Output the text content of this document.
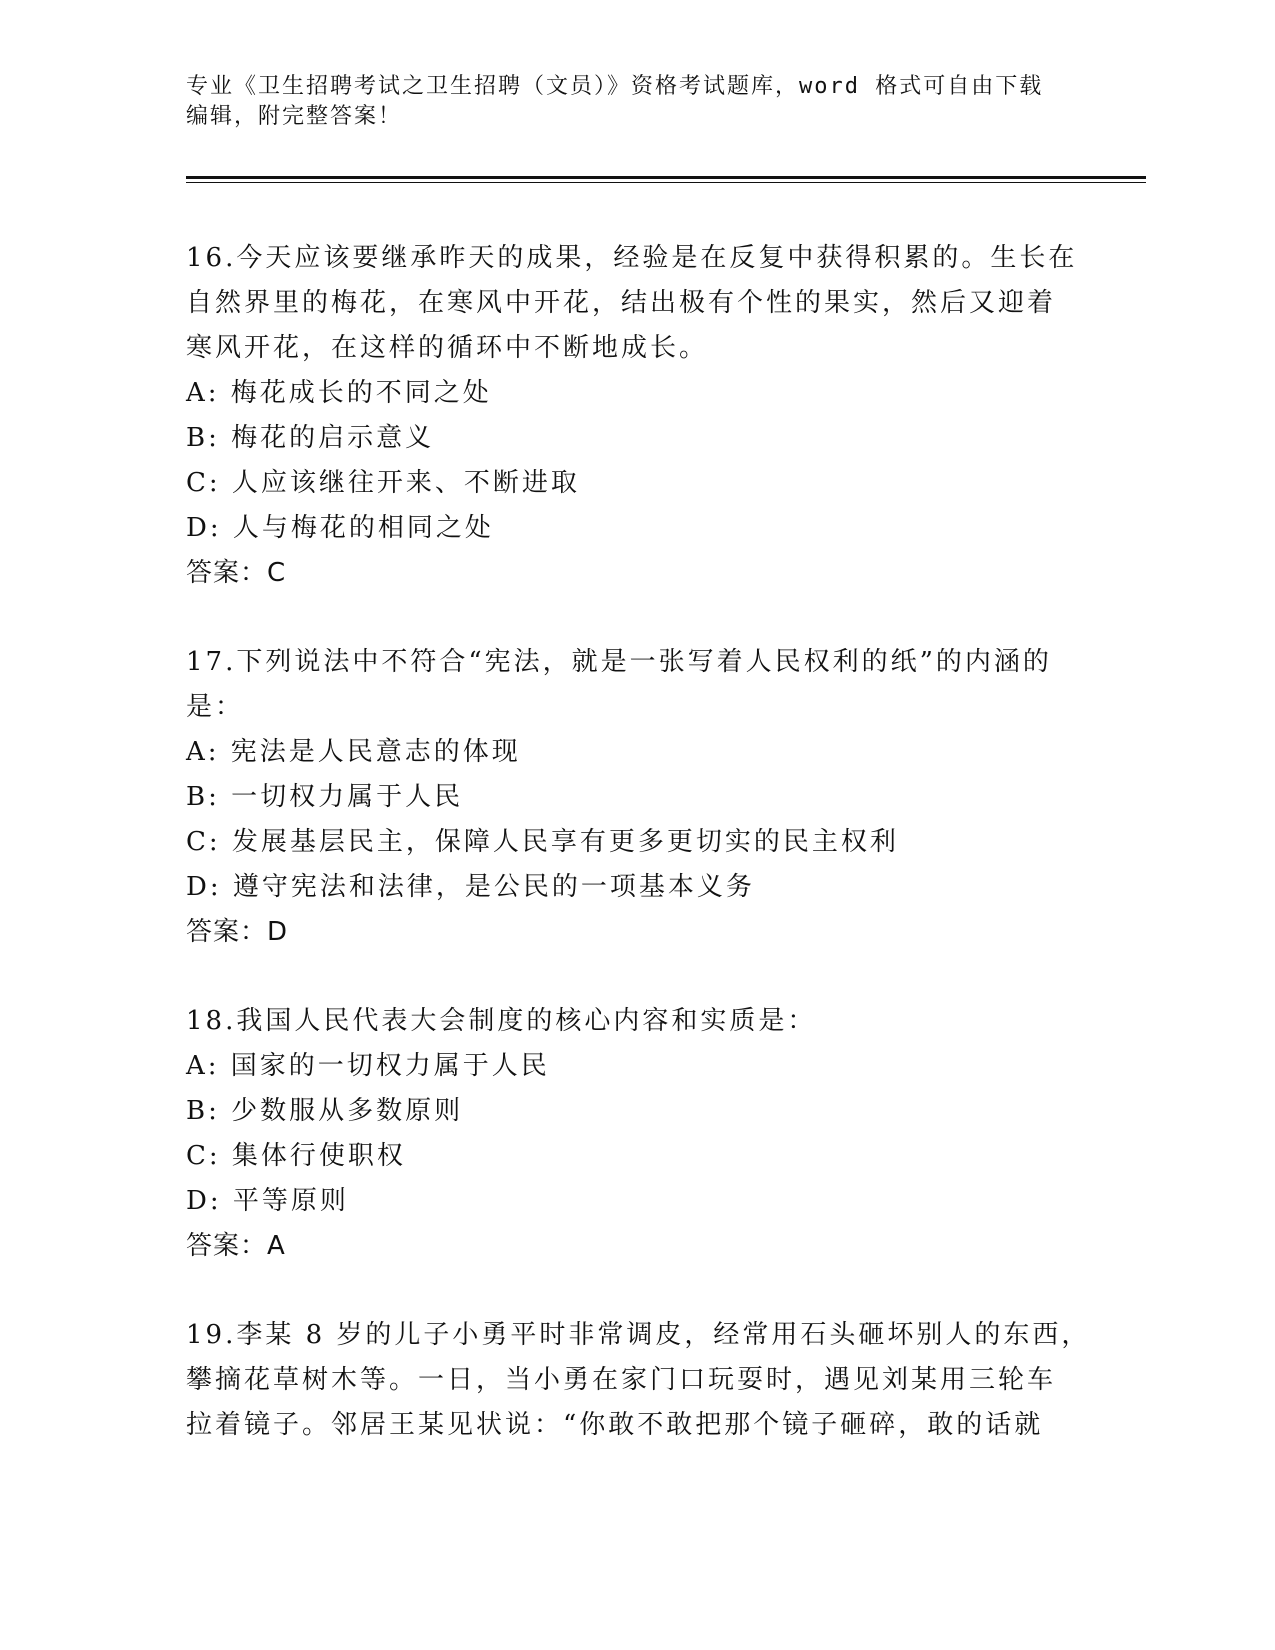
专业《卫生招聘考试之卫生招聘（文员）》资格考试题库，word 格式可自由下载
编辑，附完整答案！
16.今天应该要继承昨天的成果，经验是在反复中获得积累的。生长在
自然界里的梅花，在寒风中开花，结出极有个性的果实，然后又迎着
寒风开花，在这样的循环中不断地成长。
A: 梅花成长的不同之处
B: 梅花的启示意义
C: 人应该继往开来、不断进取
D: 人与梅花的相同之处
答案：C
17.下列说法中不符合“宪法，就是一张写着人民权利的纸”的内涵的
是：
A: 宪法是人民意志的体现
B: 一切权力属于人民
C: 发展基层民主，保障人民享有更多更切实的民主权利
D: 遵守宪法和法律，是公民的一项基本义务
答案：D
18.我国人民代表大会制度的核心内容和实质是：
A: 国家的一切权力属于人民
B: 少数服从多数原则
C: 集体行使职权
D: 平等原则
答案：A
19.李某 8 岁的儿子小勇平时非常调皮，经常用石头砸坏别人的东西，
攀摘花草树木等。一日，当小勇在家门口玩耍时，遇见刘某用三轮车
拉着镜子。邻居王某见状说：“你敢不敢把那个镜子砸碎，敢的话就
